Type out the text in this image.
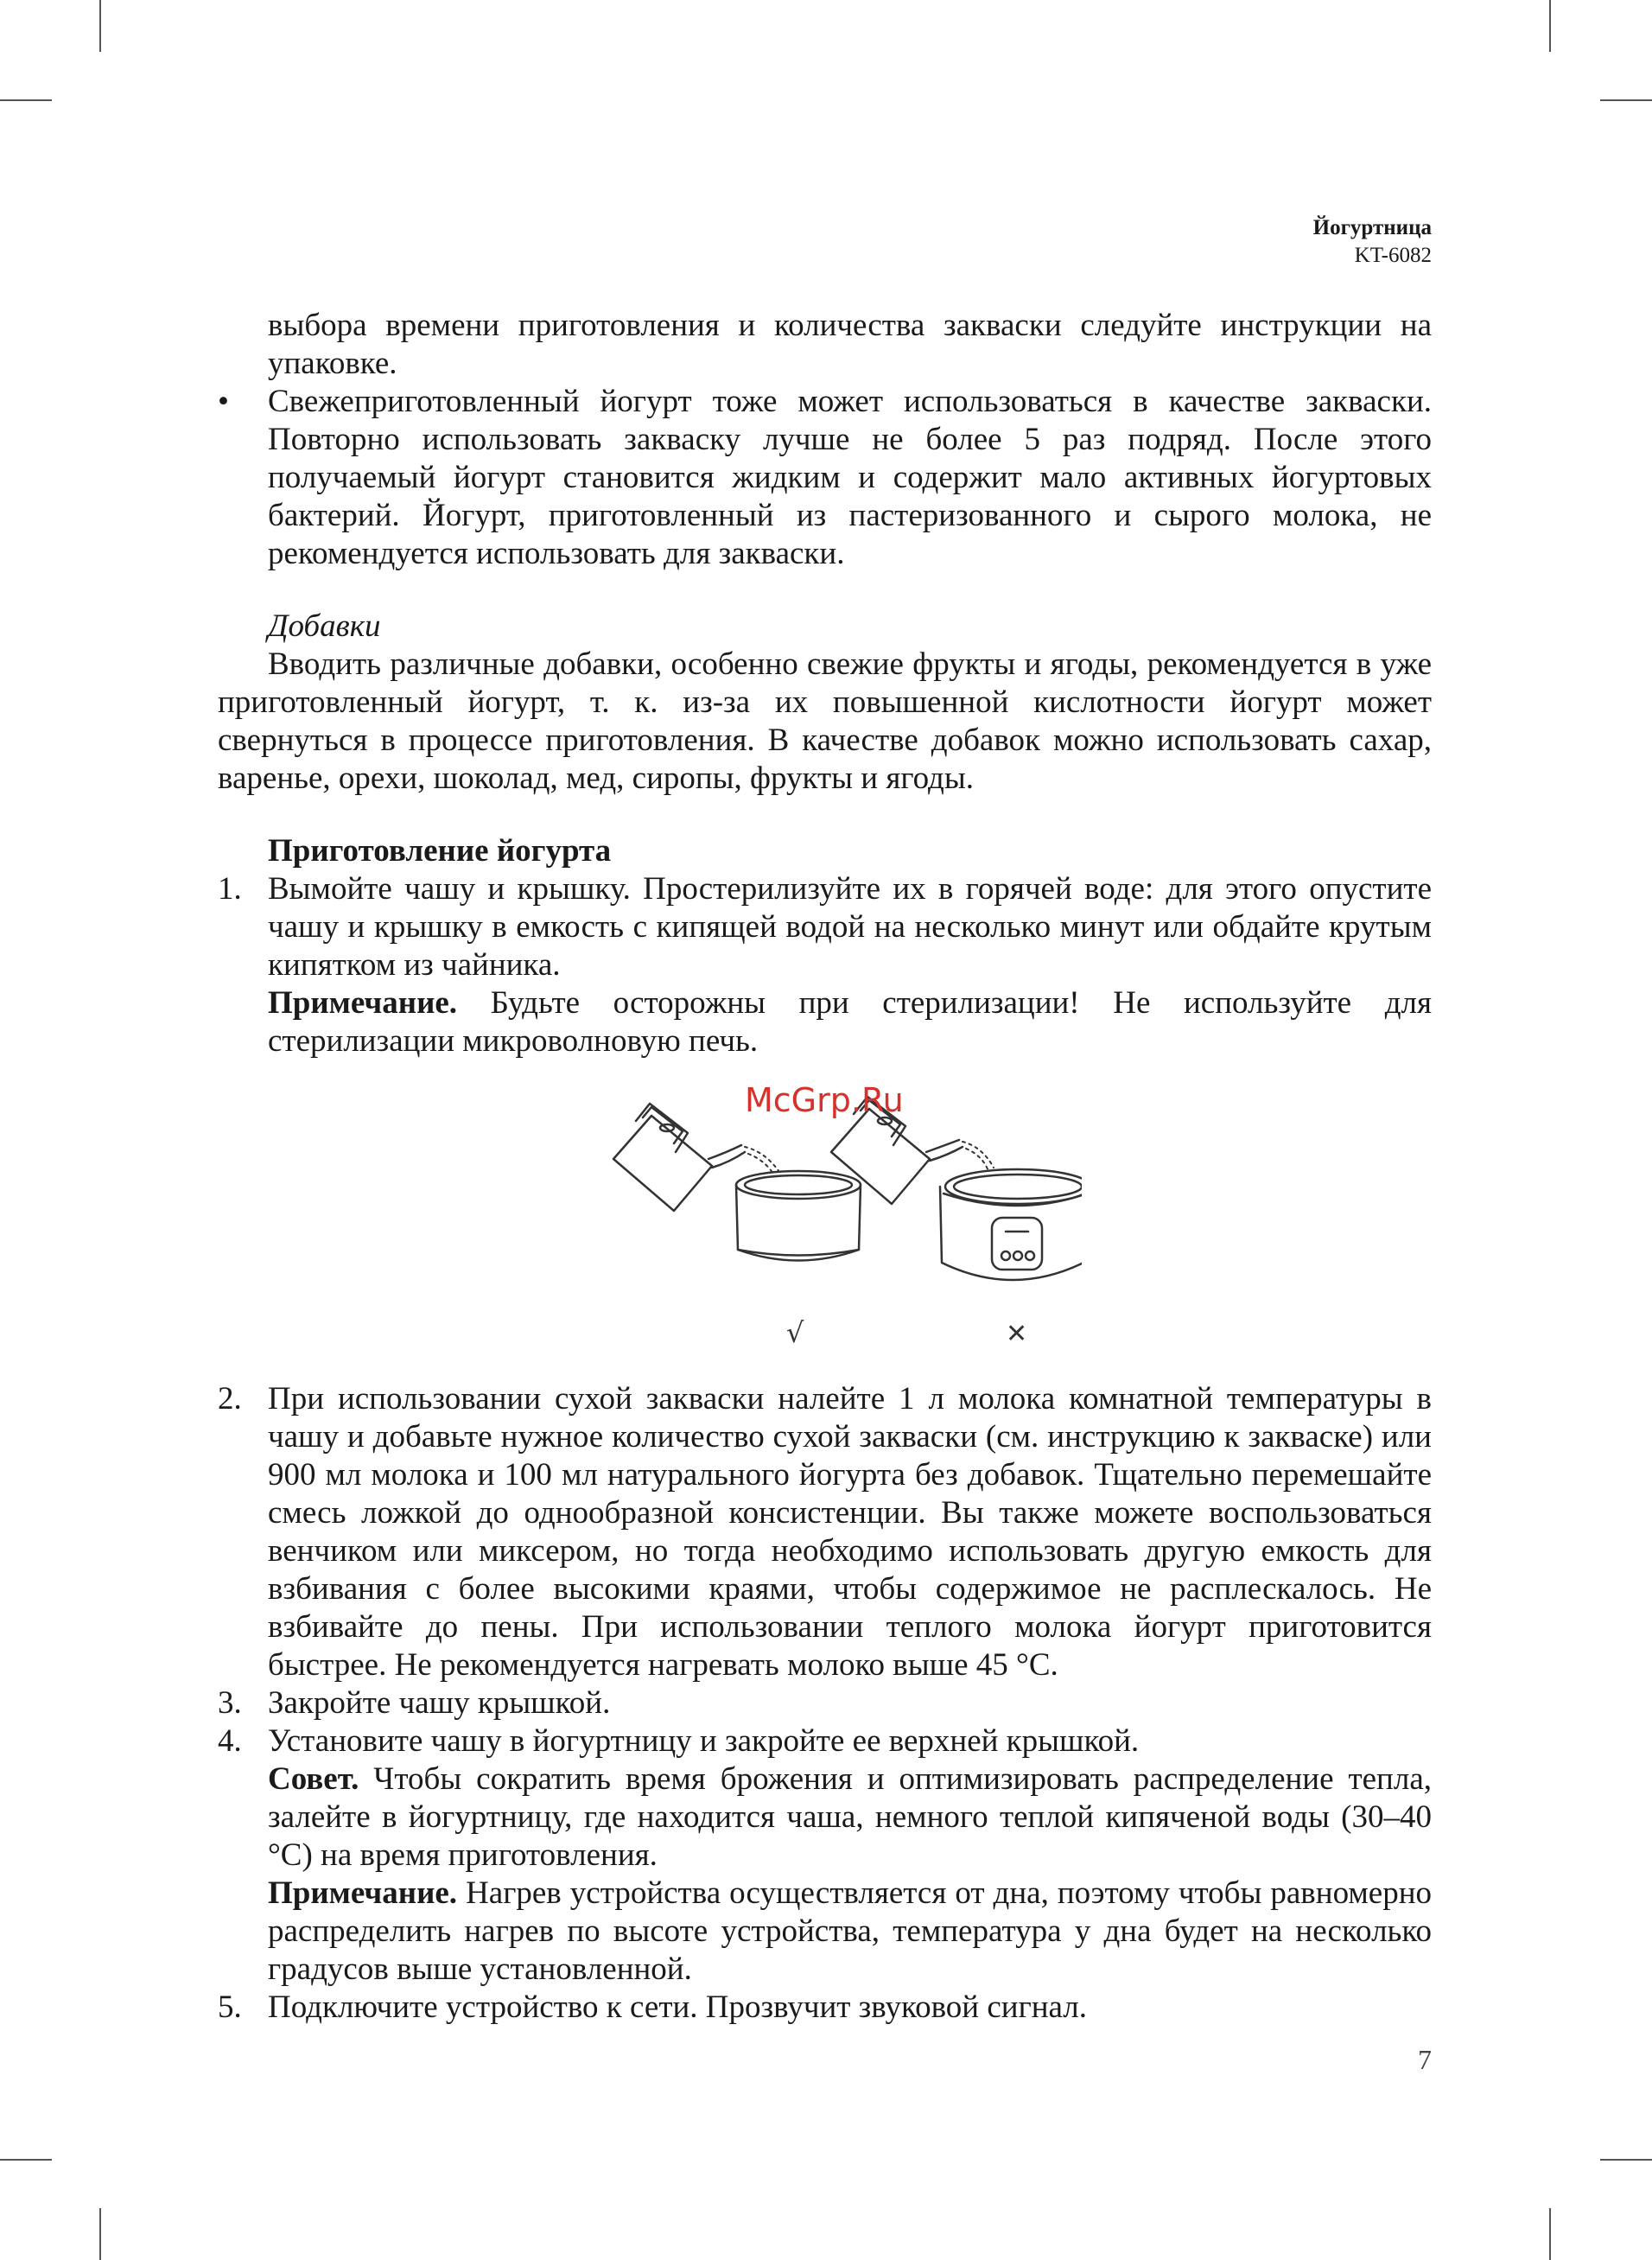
Йогуртница
KT-6082

выбора времени приготовления и количества закваски следуйте инструкции на упаковке.

• Свежеприготовленный йогурт тоже может использоваться в качестве закваски. Повторно использовать закваску лучше не более 5 раз подряд. После этого получаемый йогурт становится жидким и содержит мало активных йогуртовых бактерий. Йогурт, приготовленный из пастеризованного и сырого молока, не рекомендуется использовать для закваски.

Добавки

Вводить различные добавки, особенно свежие фрукты и ягоды, рекомендуется в уже приготовленный йогурт, т. к. из-за их повышенной кислотности йогурт может свернуться в процессе приготовления. В качестве добавок можно использовать сахар, варенье, орехи, шоколад, мед, сиропы, фрукты и ягоды.

Приготовление йогурта

1. Вымойте чашу и крышку. Простерилизуйте их в горячей воде: для этого опустите чашу и крышку в емкость с кипящей водой на несколько минут или обдайте крутым кипятком из чайника.
Примечание. Будьте осторожны при стерилизации! Не используйте для стерилизации микроволновую печь.
√	✕
McGrp.Ru
2. При использовании сухой закваски налейте 1 л молока комнатной температуры в чашу и добавьте нужное количество сухой закваски (см. инструкцию к закваске) или 900 мл молока и 100 мл натурального йогурта без добавок. Тщательно перемешайте смесь ложкой до однообразной консистенции. Вы также можете воспользоваться венчиком или миксером, но тогда необходимо использовать другую емкость для взбивания с более высокими краями, чтобы содержимое не расплескалось. Не взбивайте до пены. При использовании теплого молока йогурт приготовится быстрее. Не рекомендуется нагревать молоко выше 45 °C.
3. Закройте чашу крышкой.
4. Установите чашу в йогуртницу и закройте ее верхней крышкой.
Совет. Чтобы сократить время брожения и оптимизировать распределение тепла, залейте в йогуртницу, где находится чаша, немного теплой кипяченой воды (30–40 °C) на время приготовления.
Примечание. Нагрев устройства осуществляется от дна, поэтому чтобы равномерно распределить нагрев по высоте устройства, температура у дна будет на несколько градусов выше установленной.
5. Подключите устройство к сети. Прозвучит звуковой сигнал.
7
